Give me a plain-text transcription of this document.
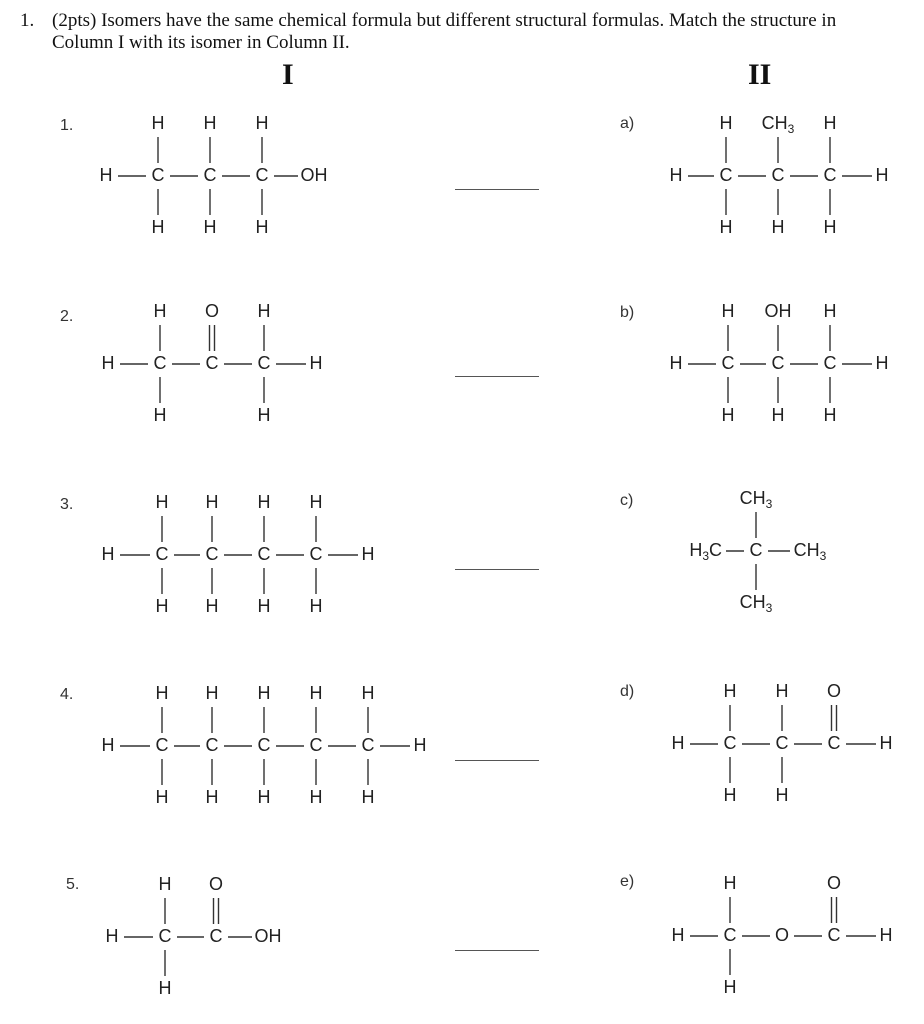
1. (2pts) Isomers have the same chemical formula but different structural formulas. Match the structure in Column I with its isomer in Column II.
I	II
1.
2.
3.
4.
5.
a)
b)
c)
d)
e)
H C
H
H
C
H
H
C
H
H
OH
H C
H
H
C
O
C
H
H
H
H C
H
H
C
H
H
C
H
H
C
H
H
H
H C
H
H
C
H
H
C
H
H
C
H
H
C
H
H
H
H C
H
H
C
O
OH
H C
H
H
C
$CH_3$
H
C
H
H
H
H C
H
H
C
OH
H
C
H
H
H
$H_3C$ C $CH_3$
$CH_3$
$CH_3$
H C
H
H
C
H
H
C
O
H
H C
H
H
O C
O
H
